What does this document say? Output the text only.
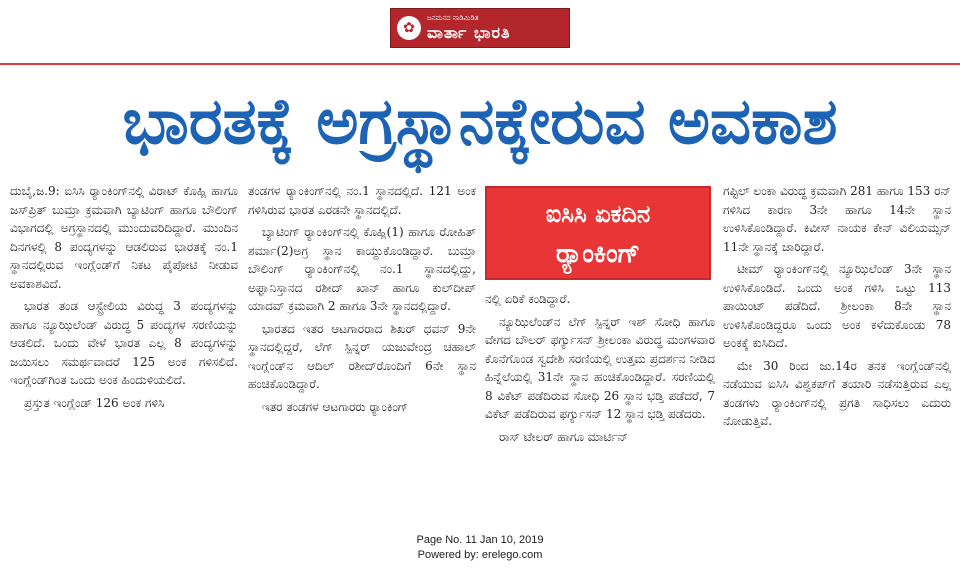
✿
ಜನಮನದ ನಾಡಿಮಿಡಿತ
ವಾರ್ತಾ ಭಾರತಿ
ಭಾರತಕ್ಕೆ ಅಗ್ರಸ್ಥಾನಕ್ಕೇರುವ ಅವಕಾಶ

ದುಬೈ,ಜ.9: ಐಸಿಸಿ ರ್‍ಯಾಂಕಿಂಗ್‌ನಲ್ಲಿ ವಿರಾಟ್ ಕೊಹ್ಲಿ ಹಾಗೂ ಜಸ್‌ಪ್ರಿತ್ ಬುಮ್ರಾ ಕ್ರಮವಾಗಿ ಬ್ಯಾಟಿಂಗ್ ಹಾಗೂ ಬೌಲಿಂಗ್ ವಿಭಾಗದಲ್ಲಿ ಅಗ್ರಸ್ಥಾನದಲ್ಲಿ ಮುಂದುವರಿದಿದ್ದಾರೆ. ಮುಂದಿನ ದಿನಗಳಲ್ಲಿ 8 ಪಂದ್ಯಗಳನ್ನು ಆಡಲಿರುವ ಭಾರತಕ್ಕೆ ನಂ.1 ಸ್ಥಾನದಲ್ಲಿರುವ ಇಂಗ್ಲೆಂಡ್‌ಗೆ ನಿಕಟ ಪೈಪೋಟಿ ನೀಡುವ ಅವಕಾಶವಿದೆ.

ಭಾರತ ತಂಡ ಆಸ್ಟ್ರೇಲಿಯ ವಿರುದ್ಧ 3 ಪಂದ್ಯಗಳನ್ನು ಹಾಗೂ ನ್ಯೂಝಿಲೆಂಡ್ ವಿರುದ್ಧ 5 ಪಂದ್ಯಗಳ ಸರಣಿಯನ್ನು ಆಡಲಿದೆ. ಒಂದು ವೇಳೆ ಭಾರತ ಎಲ್ಲ 8 ಪಂದ್ಯಗಳನ್ನು ಜಯಿಸಲು ಸಮರ್ಥವಾದರೆ 125 ಅಂಕ ಗಳಿಸಲಿದೆ. ಇಂಗ್ಲೆಂಡ್‌ಗಿಂತ ಒಂದು ಅಂಕ ಹಿಂದುಳಿಯಲಿದೆ.

ಪ್ರಸ್ತುತ ಇಂಗ್ಲೆಂಡ್ 126 ಅಂಕ ಗಳಿಸಿ

ತಂಡಗಳ ರ್‍ಯಾಂಕಿಂಗ್‌ನಲ್ಲಿ ನಂ.1 ಸ್ಥಾನದಲ್ಲಿದೆ. 121 ಅಂಕ ಗಳಿಸಿರುವ ಭಾರತ ಎರಡನೇ ಸ್ಥಾನದಲ್ಲಿದೆ.

ಬ್ಯಾಟಿಂಗ್ ರ್‍ಯಾಂಕಿಂಗ್‌ನಲ್ಲಿ ಕೊಹ್ಲಿ(1) ಹಾಗೂ ರೋಹಿತ್ ಶರ್ಮಾ(2)ಅಗ್ರ ಸ್ಥಾನ ಕಾಯ್ದುಕೊಂಡಿದ್ದಾರೆ. ಬುಮ್ರಾ ಬೌಲಿಂಗ್ ರ್‍ಯಾಂಕಿಂಗ್‌ನಲ್ಲಿ ನಂ.1 ಸ್ಥಾನದಲ್ಲಿದ್ದು, ಅಫ್ಘಾನಿಸ್ತಾನದ ರಶೀದ್ ಖಾನ್ ಹಾಗೂ ಕುಲ್‌ದೀಪ್ ಯಾದವ್ ಕ್ರಮವಾಗಿ 2 ಹಾಗೂ 3ನೇ ಸ್ಥಾನದಲ್ಲಿದ್ದಾರೆ.

ಭಾರತದ ಇತರ ಆಟಗಾರರಾದ ಶಿಖರ್ ಧವನ್ 9ನೇ ಸ್ಥಾನದಲ್ಲಿದ್ದರೆ, ಲೆಗ್ ಸ್ಪಿನ್ನರ್ ಯಜುವೇಂದ್ರ ಚಹಾಲ್ ಇಂಗ್ಲೆಂಡ್‌ನ ಆದಿಲ್ ರಶೀದ್‌ರೊಂದಿಗೆ 6ನೇ ಸ್ಥಾನ ಹಂಚಿಕೊಂಡಿದ್ದಾರೆ.

ಇತರ ತಂಡಗಳ ಆಟಗಾರರು ರ್‍ಯಾಂಕಿಂಗ್

ಐಸಿಸಿ ಏಕದಿನ
ರ್‍ಯಾಂಕಿಂಗ್

ನಲ್ಲಿ ಏರಿಕೆ ಕಂಡಿದ್ದಾರೆ.

ನ್ಯೂಝಿಲೆಂಡ್‌ನ ಲೆಗ್ ಸ್ಪಿನ್ನರ್ ಇಶ್ ಸೋಧಿ ಹಾಗೂ ವೇಗದ ಬೌಲರ್ ಫರ್ಗ್ಯುಸನ್ ಶ್ರೀಲಂಕಾ ವಿರುದ್ಧ ಮಂಗಳವಾರ ಕೊನೆಗೊಂಡ ಸ್ವದೇಶಿ ಸರಣಿಯಲ್ಲಿ ಉತ್ತಮ ಪ್ರದರ್ಶನ ನೀಡಿದ ಹಿನ್ನೆಲೆಯಲ್ಲಿ 31ನೇ ಸ್ಥಾನ ಹಂಚಿಕೊಂಡಿದ್ದಾರೆ. ಸರಣಿಯಲ್ಲಿ 8 ವಿಕೆಟ್ ಪಡೆದಿರುವ ಸೋಧಿ 26 ಸ್ಥಾನ ಭಡ್ತಿ ಪಡೆದರೆ, 7 ವಿಕೆಟ್ ಪಡೆದಿರುವ ಫರ್ಗ್ಯುಸನ್ 12 ಸ್ಥಾನ ಭಡ್ತಿ ಪಡೆದರು.

ರಾಸ್ ಟೇಲರ್ ಹಾಗೂ ಮಾರ್ಟಿನ್

ಗಪ್ಟಿಲ್ ಲಂಕಾ ವಿರುದ್ಧ ಕ್ರಮವಾಗಿ 281 ಹಾಗೂ 153 ರನ್ ಗಳಿಸಿದ ಕಾರಣ 3ನೇ ಹಾಗೂ 14ನೇ ಸ್ಥಾನ ಉಳಿಸಿಕೊಂಡಿದ್ದಾರೆ. ಕಿವೀಸ್ ನಾಯಕ ಕೇನ್ ವಿಲಿಯಮ್ಸನ್ 11ನೇ ಸ್ಥಾನಕ್ಕೆ ಜಾರಿದ್ದಾರೆ.

ಟೀಮ್ ರ್‍ಯಾಂಕಿಂಗ್‌ನಲ್ಲಿ ನ್ಯೂಝಿಲೆಂಡ್ 3ನೇ ಸ್ಥಾನ ಉಳಿಸಿಕೊಂಡಿದೆ. ಒಂದು ಅಂಕ ಗಳಿಸಿ ಒಟ್ಟು 113 ಪಾಯಿಂಟ್ ಪಡೆದಿದೆ. ಶ್ರೀಲಂಕಾ 8ನೇ ಸ್ಥಾನ ಉಳಿಸಿಕೊಂಡಿದ್ದರೂ ಒಂದು ಅಂಕ ಕಳೆದುಕೊಂಡು 78 ಅಂಕಕ್ಕೆ ಕುಸಿದಿದೆ.

ಮೇ 30 ರಿಂದ ಜು.14ರ ತನಕ ಇಂಗ್ಲೆಂಡ್‌ನಲ್ಲಿ ನಡೆಯುವ ಐಸಿಸಿ ವಿಶ್ವಕಪ್‌ಗೆ ತಯಾರಿ ನಡೆಸುತ್ತಿರುವ ಎಲ್ಲ ತಂಡಗಳು ರ್‍ಯಾಂಕಿಂಗ್‌ನಲ್ಲಿ ಪ್ರಗತಿ ಸಾಧಿಸಲು ಎದುರು ನೋಡುತ್ತಿವೆ.

Page No. 11 Jan 10, 2019
Powered by: erelego.com
